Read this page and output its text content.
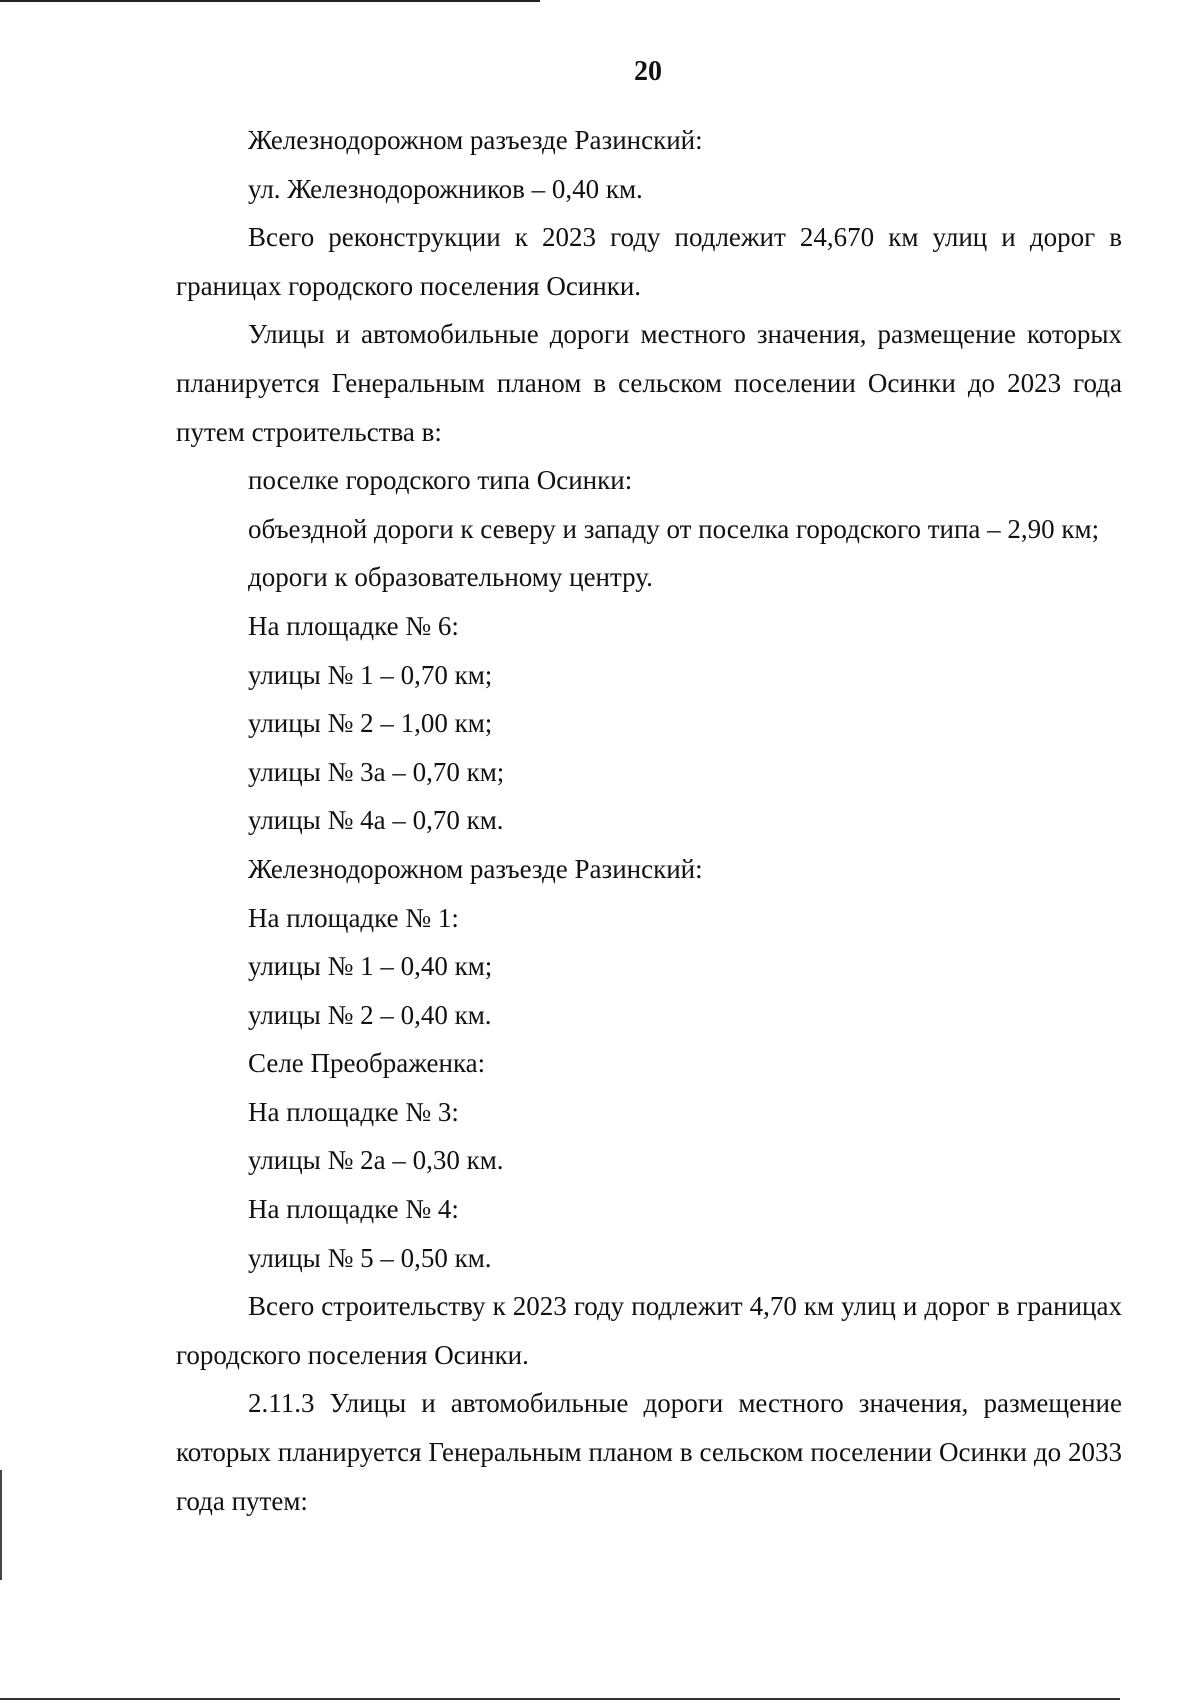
20

Железнодорожном разъезде Разинский:

ул. Железнодорожников – 0,40 км.

Всего реконструкции к 2023 году подлежит 24,670 км улиц и дорог в границах городского поселения Осинки.

Улицы и автомобильные дороги местного значения, размещение которых планируется Генеральным планом в сельском поселении Осинки до 2023 года путем строительства в:

поселке городского типа Осинки:

объездной дороги к северу и западу от поселка городского типа – 2,90 км;

дороги к образовательному центру.

На площадке № 6:

улицы № 1 – 0,70 км;

улицы № 2 – 1,00 км;

улицы № 3а – 0,70 км;

улицы № 4а – 0,70 км.

Железнодорожном разъезде Разинский:

На площадке № 1:

улицы № 1 – 0,40 км;

улицы № 2 – 0,40 км.

Селе Преображенка:

На площадке № 3:

улицы № 2а – 0,30 км.

На площадке № 4:

улицы № 5 – 0,50 км.

Всего строительству к 2023 году подлежит 4,70 км улиц и дорог в границах городского поселения Осинки.

2.11.3 Улицы и автомобильные дороги местного значения, размещение которых планируется Генеральным планом в сельском поселении Осинки до 2033 года путем:
